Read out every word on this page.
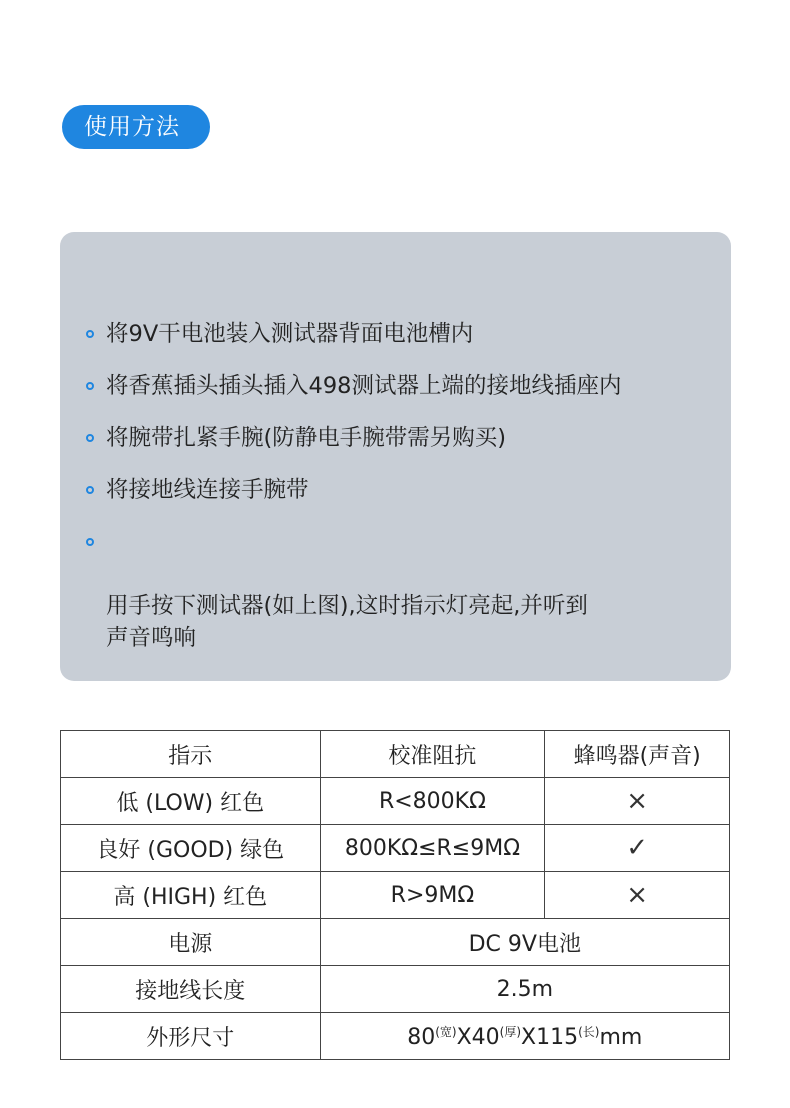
使用方法
将9V干电池装入测试器背面电池槽内
将香蕉插头插头插入498测试器上端的接地线插座内
将腕带扎紧手腕(防静电手腕带需另购买)
将接地线连接手腕带

用手按下测试器(如上图),这时指示灯亮起,并听到
声音鸣响

指示	校准阻抗	蜂鸣器(声音)
低 (LOW) 红色	R<800KΩ	×
良好 (GOOD) 绿色	800KΩ≤R≤9MΩ	✓
高 (HIGH) 红色	R>9MΩ	×
电源	DC 9V电池	
接地线长度	2.5m	
外形尺寸	80$^{(宽)}$X40$^{(厚)}$X115$^{(长)}$mm	
